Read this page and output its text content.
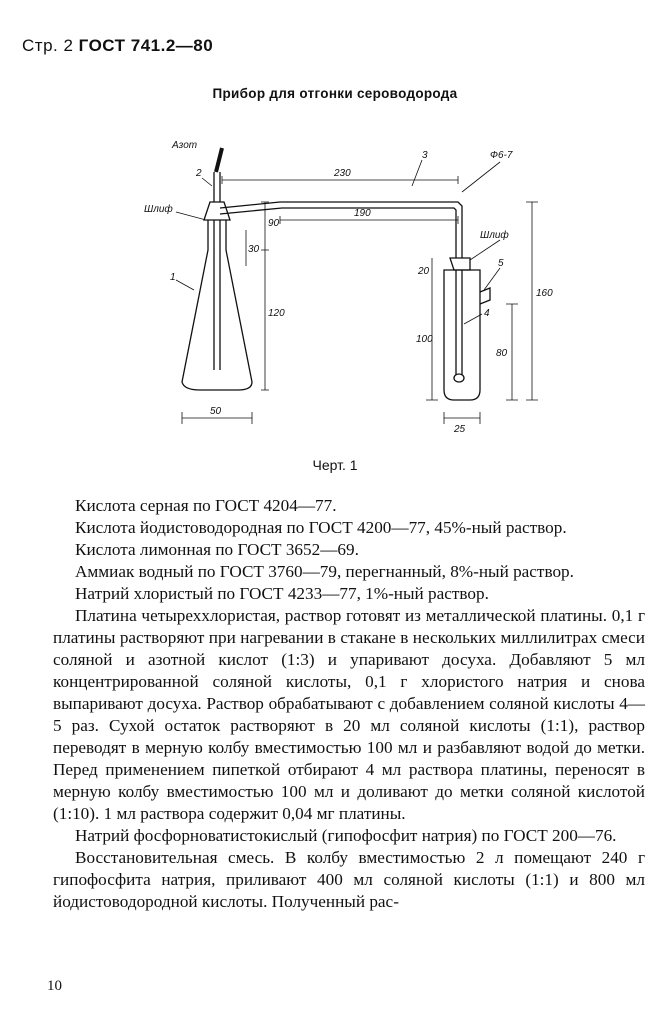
Стр. 2 ГОСТ 741.2—80
Прибор для отгонки сероводорода
Азот
2
Шлиф
1
3	Ф6-7
Шлиф
5
4
230
190
90
30
120
50
20
100
80
160
25
Черт. 1

Кислота серная по ГОСТ 4204—77.

Кислота йодистоводородная по ГОСТ 4200—77, 45%-ный раствор.

Кислота лимонная по ГОСТ 3652—69.

Аммиак водный по ГОСТ 3760—79, перегнанный, 8%-ный раствор.

Натрий хлористый по ГОСТ 4233—77, 1%-ный раствор.

Платина четыреххлористая, раствор готовят из металлической платины. 0,1 г платины растворяют при нагревании в стакане в нескольких миллилитрах смеси соляной и азотной кислот (1:3) и упаривают досуха. Добавляют 5 мл концентрированной соляной кислоты, 0,1 г хлористого натрия и снова выпаривают досуха. Раствор обрабатывают с добавлением соляной кислоты 4—5 раз. Сухой остаток растворяют в 20 мл соляной кислоты (1:1), раствор переводят в мерную колбу вместимостью 100 мл и разбавляют водой до метки. Перед применением пипеткой отбирают 4 мл раствора платины, переносят в мерную колбу вместимостью 100 мл и доливают до метки соляной кислотой (1:10). 1 мл раствора содержит 0,04 мг платины.

Натрий фосфорноватистокислый (гипофосфит натрия) по ГОСТ 200—76.

Восстановительная смесь. В колбу вместимостью 2 л помещают 240 г гипофосфита натрия, приливают 400 мл соляной кислоты (1:1) и 800 мл йодистоводородной кислоты. Полученный рас-

10
